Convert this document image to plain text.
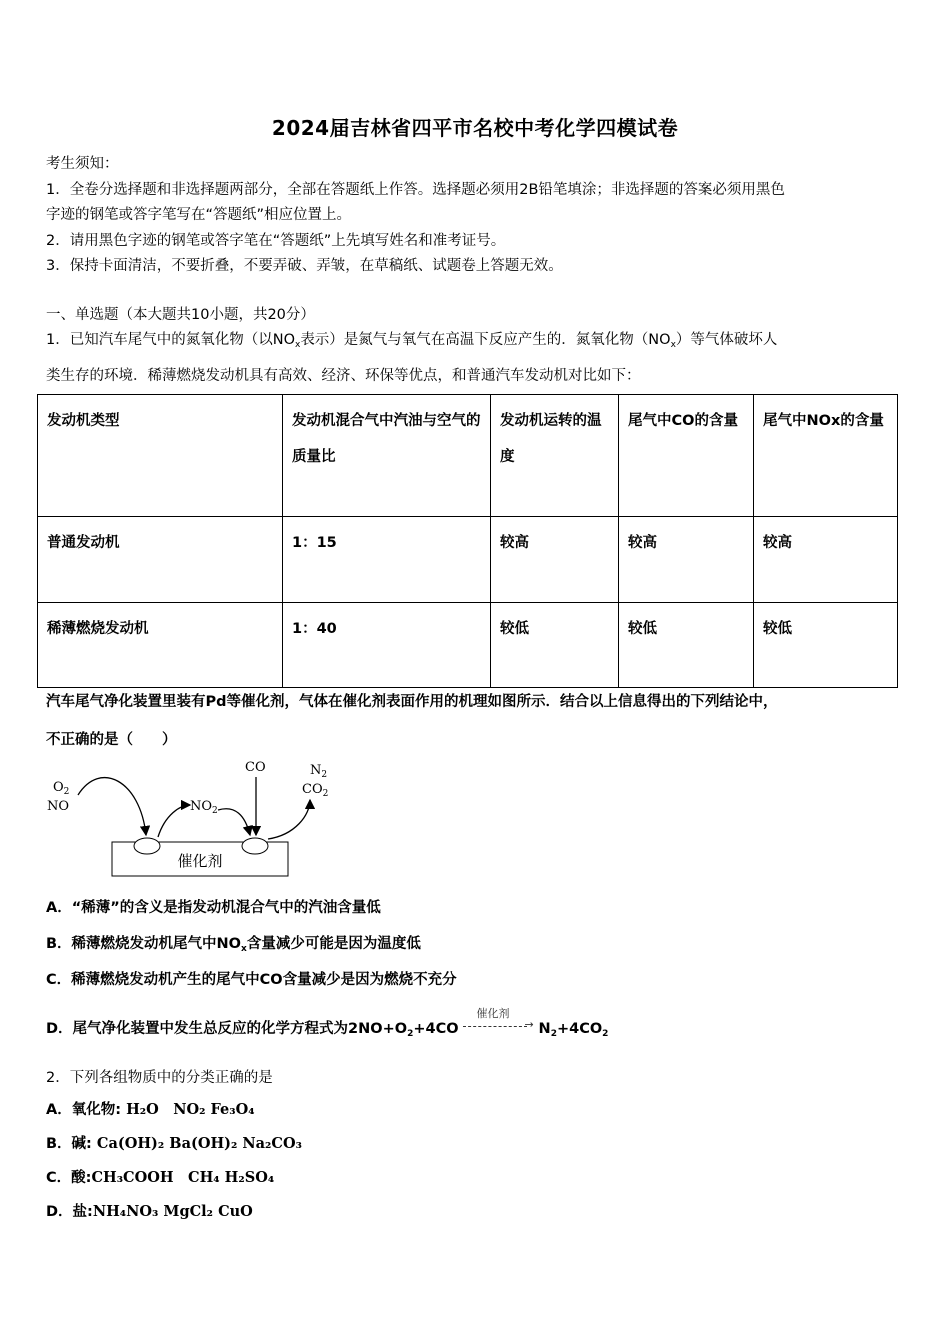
2024届吉林省四平市名校中考化学四模试卷
考生须知：
1．全卷分选择题和非选择题两部分，全部在答题纸上作答。选择题必须用2B铅笔填涂；非选择题的答案必须用黑色
字迹的钢笔或答字笔写在“答题纸”相应位置上。
2．请用黑色字迹的钢笔或答字笔在“答题纸”上先填写姓名和准考证号。
3．保持卡面清洁，不要折叠，不要弄破、弄皱，在草稿纸、试题卷上答题无效。
一、单选题（本大题共10小题，共20分）
1．已知汽车尾气中的氮氧化物（以$NO_x$表示）是氮气与氧气在高温下反应产生的．氮氧化物$(NO_x)$等气体破坏人
类生存的环境．稀薄燃烧发动机具有高效、经济、环保等优点，和普通汽车发动机对比如下：
发动机类型	发动机混合气中汽油与空气的质量比	发动机运转的温度	尾气中CO的含量	尾气中NOx的含量
普通发动机	1：15	较高	较高	较高
稀薄燃烧发动机	1：40	较低	较低	较低
汽车尾气净化装置里装有Pd等催化剂，气体在催化剂表面作用的机理如图所示．结合以上信息得出的下列结论中，
不正确的是（　　）
催化剂
$O_2$
NO	$NO_2$
CO	$N_2$
$CO_2$
A．“稀薄”的含义是指发动机混合气中的汽油含量低
B．稀薄燃烧发动机尾气中$NO_x$含量减少可能是因为温度低
C．稀薄燃烧发动机产生的尾气中CO含量减少是因为燃烧不充分
D．尾气净化装置中发生总反应的化学方程式为$2NO+O_2+4CO$
催化剂
→ $N_2+4CO_2$
2．下列各组物质中的分类正确的是
A．氧化物: H₂O　NO₂ Fe₃O₄
B．碱: Ca(OH)₂ Ba(OH)₂ Na₂CO₃
C．酸:CH₃COOH　CH₄ H₂SO₄
D．盐:NH₄NO₃ MgCl₂ CuO
